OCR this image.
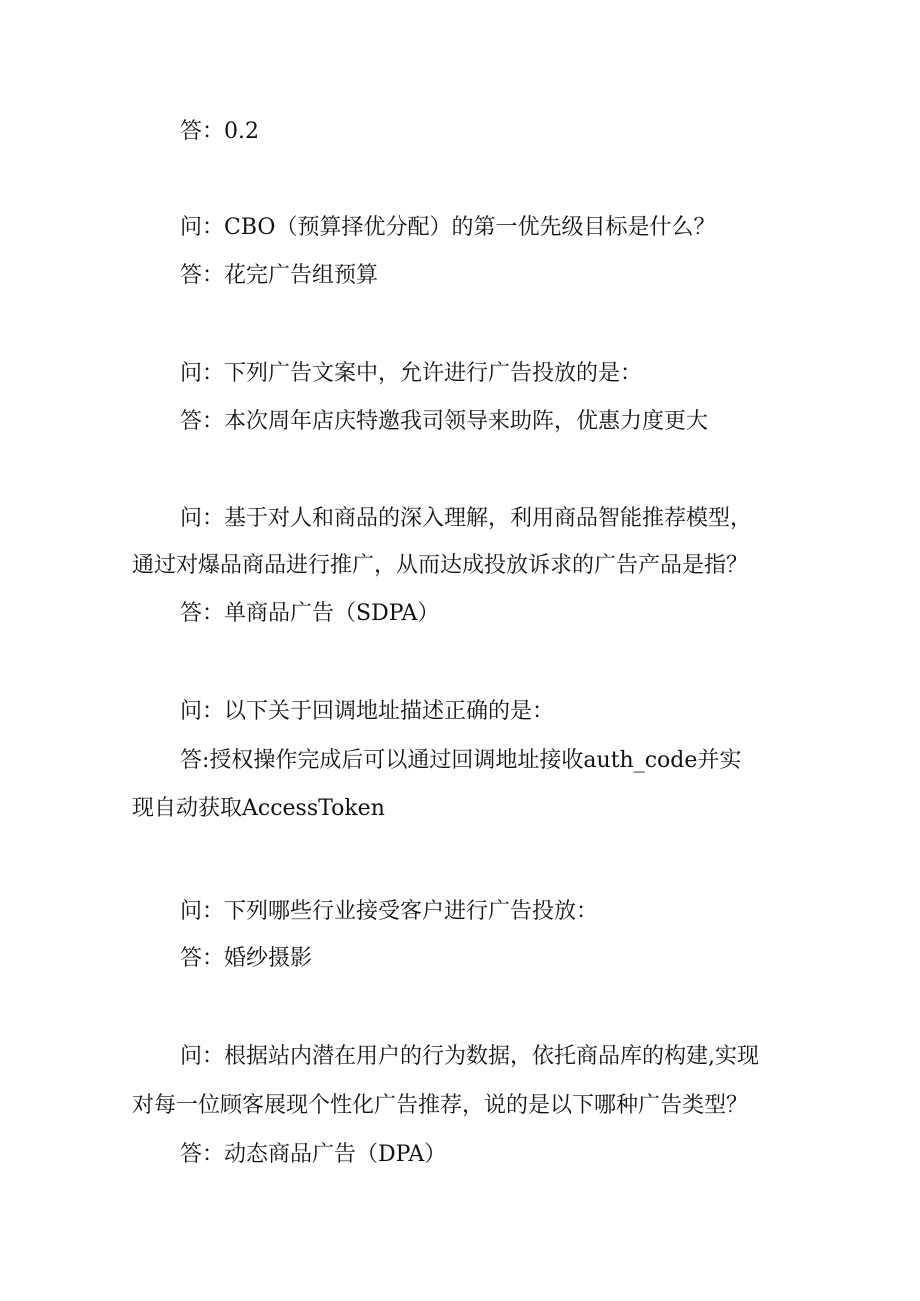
答：0.2
问：CBO（预算择优分配）的第一优先级目标是什么？
答：花完广告组预算
问：下列广告文案中，允许进行广告投放的是：
答：本次周年店庆特邀我司领导来助阵，优惠力度更大
问：基于对人和商品的深入理解，利用商品智能推荐模型，
通过对爆品商品进行推广，从而达成投放诉求的广告产品是指？
答：单商品广告（SDPA）
问：以下关于回调地址描述正确的是：
答:授权操作完成后可以通过回调地址接收auth_code并实
现自动获取AccessToken
问：下列哪些行业接受客户进行广告投放：
答：婚纱摄影
问：根据站内潜在用户的行为数据，依托商品库的构建,实现
对每一位顾客展现个性化广告推荐，说的是以下哪种广告类型？
答：动态商品广告（DPA）
